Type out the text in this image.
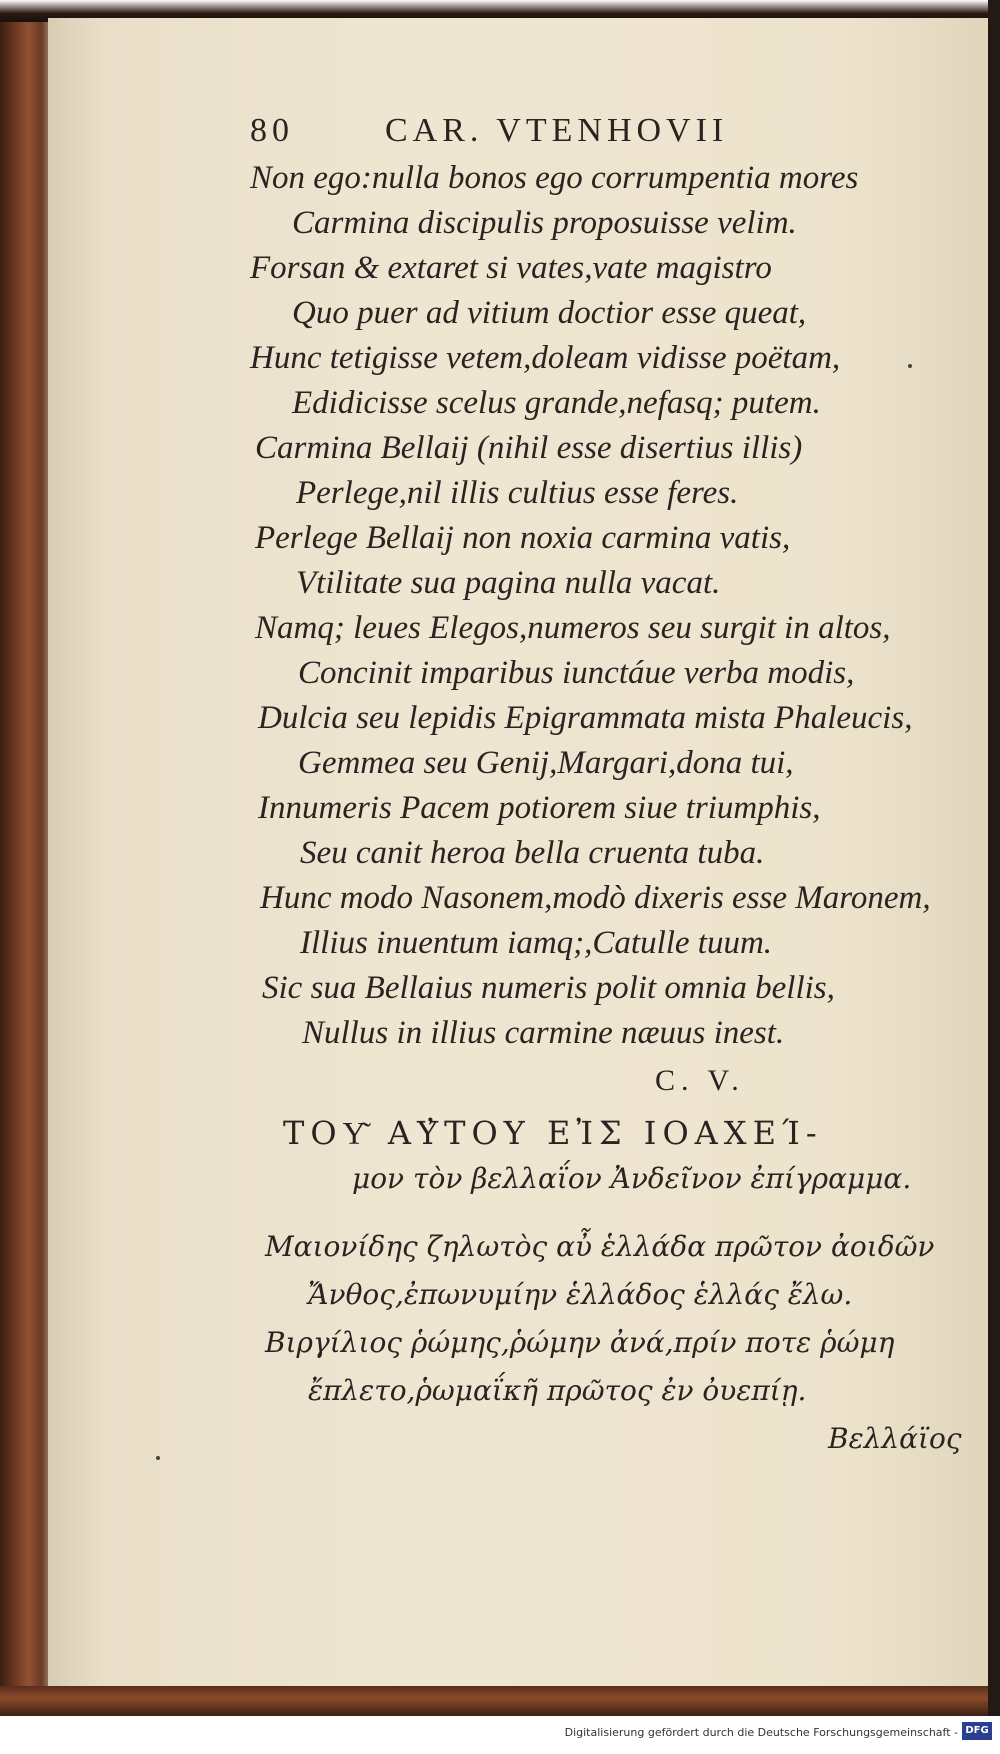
80	CAR. VTENHOVII
Non ego:nulla bonos ego corrumpentia mores
Carmina discipulis proposuisse velim.
Forsan & extaret si vates,vate magistro
Quo puer ad vitium doctior esse queat,
Hunc tetigisse vetem,doleam vidisse poëtam,
Edidicisse scelus grande,nefasq; putem.
Carmina Bellaij (nihil esse disertius illis)
Perlege,nil illis cultius esse feres.
Perlege Bellaij non noxia carmina vatis,
Vtilitate sua pagina nulla vacat.
Namq; leues Elegos,numeros seu surgit in altos,
Concinit imparibus iunctáue verba modis,
Dulcia seu lepidis Epigrammata mista Phaleucis,
Gemmea seu Genij,Margari,dona tui,
Innumeris Pacem potiorem siue triumphis,
Seu canit heroa bella cruenta tuba.
Hunc modo Nasonem,modò dixeris esse Maronem,
Illius inuentum iamq;,Catulle tuum.
Sic sua Bellaius numeris polit omnia bellis,
Nullus in illius carmine næuus inest.
C. V.
ΤΟΥ͂ ΑΥ̓ΤΟΥ ΕἸΣ ΙΟΑΧΕΊ-
μον τὸν βελλαΐον Ἀνδεῖνον ἐπίγραμμα.
Μαιονίδης ζηλωτὸς αὖ ἑλλάδα πρῶτον ἀοιδῶν
Ἄνθος,ἐπωνυμίην ἑλλάδος ἑλλάς ἔλω.
Βιργίλιος ῥώμης,ῥώμην ἀνά,πρίν ποτε ῥώμη
ἔπλετο,ῥωμαΐκῆ πρῶτος ἐν ὀυεπίῃ.
Βελλάϊος
Digitalisierung gefördert durch die Deutsche Forschungsgemeinschaft - DFG
